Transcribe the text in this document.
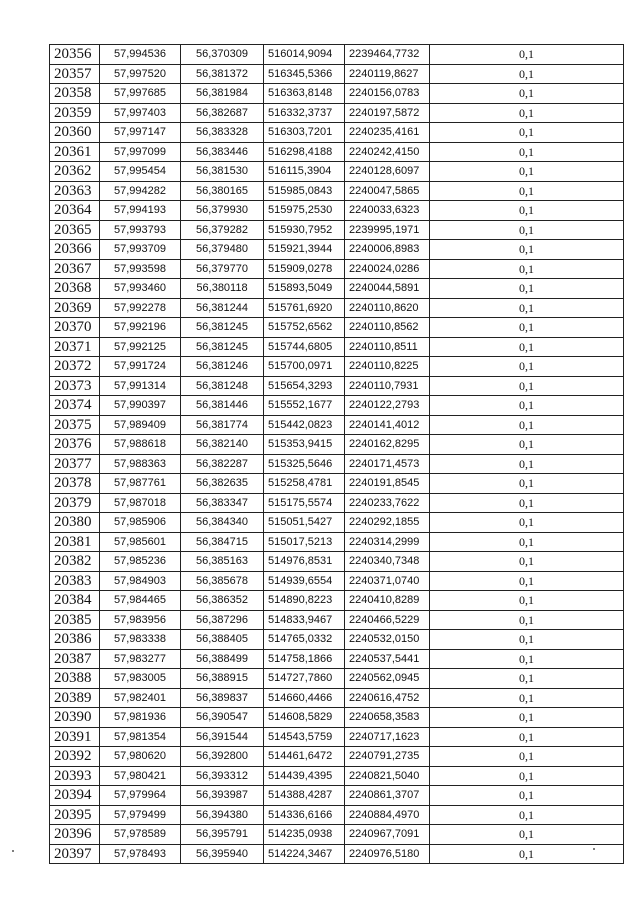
20356	57,994536	56,370309	516014,9094	2239464,7732	0,1
20357	57,997520	56,381372	516345,5366	2240119,8627	0,1
20358	57,997685	56,381984	516363,8148	2240156,0783	0,1
20359	57,997403	56,382687	516332,3737	2240197,5872	0,1
20360	57,997147	56,383328	516303,7201	2240235,4161	0,1
20361	57,997099	56,383446	516298,4188	2240242,4150	0,1
20362	57,995454	56,381530	516115,3904	2240128,6097	0,1
20363	57,994282	56,380165	515985,0843	2240047,5865	0,1
20364	57,994193	56,379930	515975,2530	2240033,6323	0,1
20365	57,993793	56,379282	515930,7952	2239995,1971	0,1
20366	57,993709	56,379480	515921,3944	2240006,8983	0,1
20367	57,993598	56,379770	515909,0278	2240024,0286	0,1
20368	57,993460	56,380118	515893,5049	2240044,5891	0,1
20369	57,992278	56,381244	515761,6920	2240110,8620	0,1
20370	57,992196	56,381245	515752,6562	2240110,8562	0,1
20371	57,992125	56,381245	515744,6805	2240110,8511	0,1
20372	57,991724	56,381246	515700,0971	2240110,8225	0,1
20373	57,991314	56,381248	515654,3293	2240110,7931	0,1
20374	57,990397	56,381446	515552,1677	2240122,2793	0,1
20375	57,989409	56,381774	515442,0823	2240141,4012	0,1
20376	57,988618	56,382140	515353,9415	2240162,8295	0,1
20377	57,988363	56,382287	515325,5646	2240171,4573	0,1
20378	57,987761	56,382635	515258,4781	2240191,8545	0,1
20379	57,987018	56,383347	515175,5574	2240233,7622	0,1
20380	57,985906	56,384340	515051,5427	2240292,1855	0,1
20381	57,985601	56,384715	515017,5213	2240314,2999	0,1
20382	57,985236	56,385163	514976,8531	2240340,7348	0,1
20383	57,984903	56,385678	514939,6554	2240371,0740	0,1
20384	57,984465	56,386352	514890,8223	2240410,8289	0,1
20385	57,983956	56,387296	514833,9467	2240466,5229	0,1
20386	57,983338	56,388405	514765,0332	2240532,0150	0,1
20387	57,983277	56,388499	514758,1866	2240537,5441	0,1
20388	57,983005	56,388915	514727,7860	2240562,0945	0,1
20389	57,982401	56,389837	514660,4466	2240616,4752	0,1
20390	57,981936	56,390547	514608,5829	2240658,3583	0,1
20391	57,981354	56,391544	514543,5759	2240717,1623	0,1
20392	57,980620	56,392800	514461,6472	2240791,2735	0,1
20393	57,980421	56,393312	514439,4395	2240821,5040	0,1
20394	57,979964	56,393987	514388,4287	2240861,3707	0,1
20395	57,979499	56,394380	514336,6166	2240884,4970	0,1
20396	57,978589	56,395791	514235,0938	2240967,7091	0,1
20397	57,978493	56,395940	514224,3467	2240976,5180	0,1
